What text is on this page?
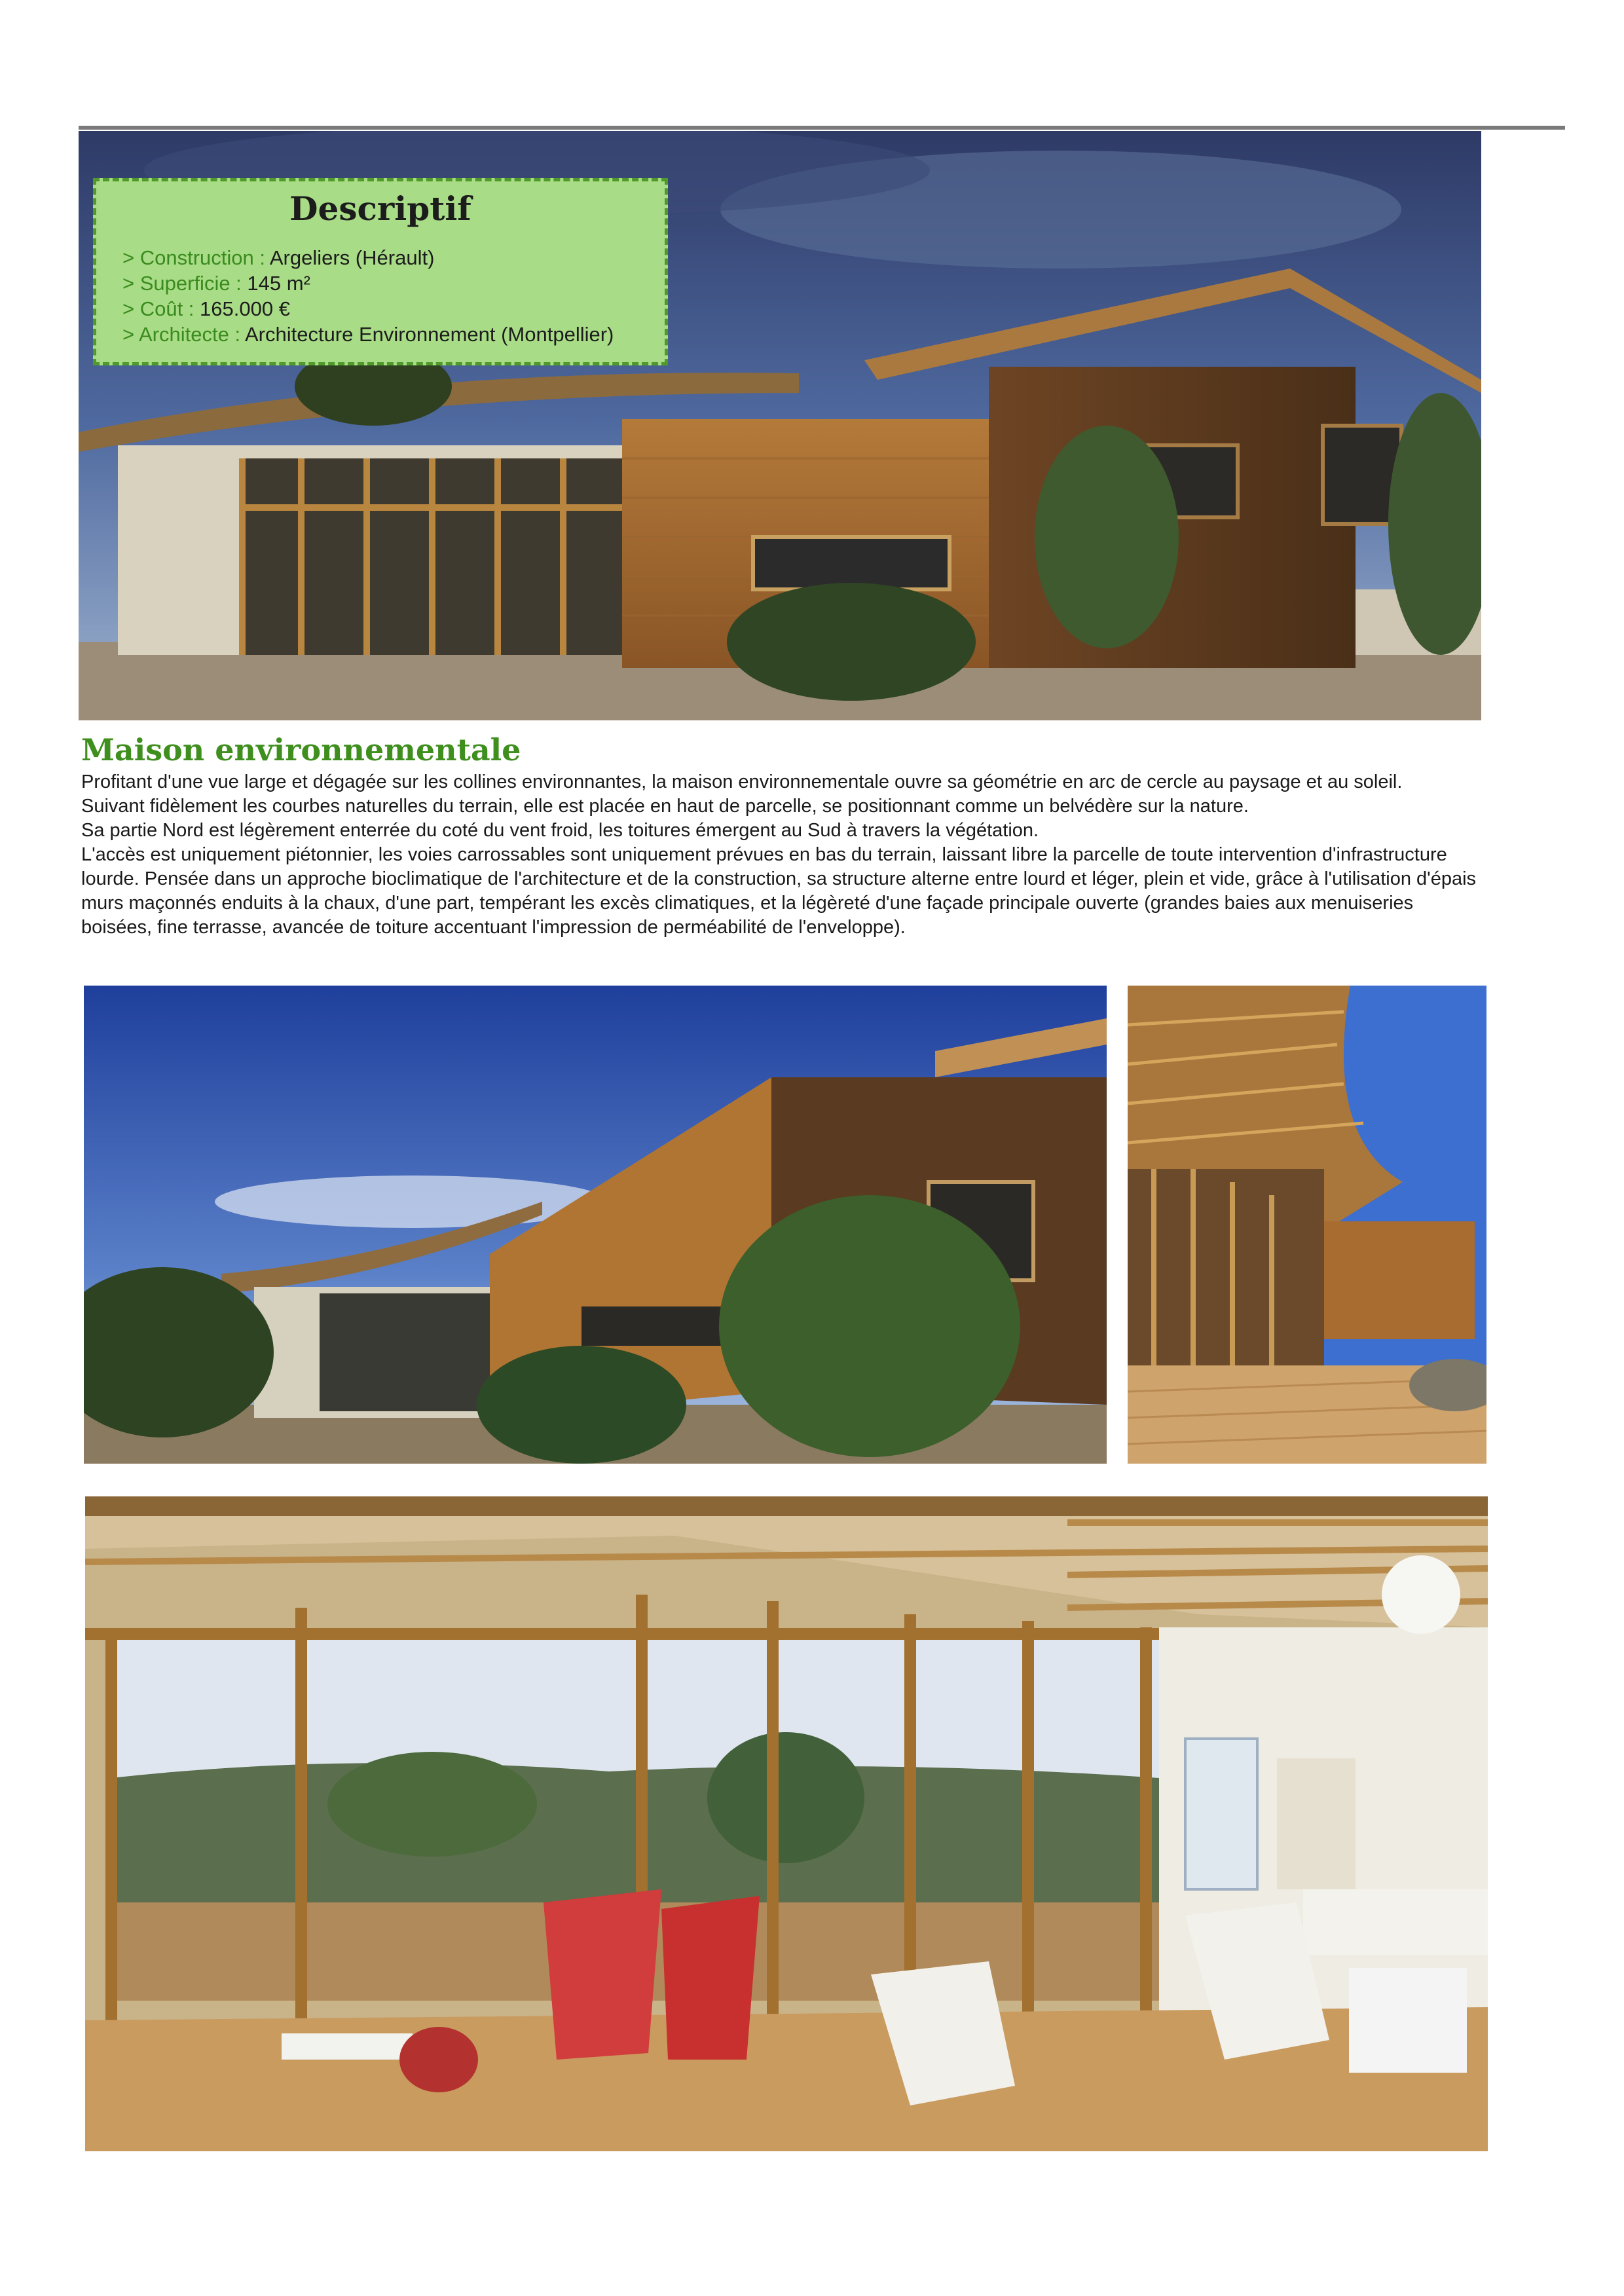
Descriptif
> Construction : Argeliers (Hérault)
> Superficie : 145 m²
> Coût : 165.000 €
> Architecte : Architecture Environnement (Montpellier)
Maison environnementale

Profitant d'une vue large et dégagée sur les collines environnantes, la maison environnementale ouvre sa géométrie en arc de cercle au paysage et au soleil.

Suivant fidèlement les courbes naturelles du terrain, elle est placée en haut de parcelle, se positionnant comme un belvédère sur la nature.

Sa partie Nord est légèrement enterrée du coté du vent froid, les toitures émergent au Sud à travers la végétation.

L'accès est uniquement piétonnier, les voies carrossables sont uniquement prévues en bas du terrain, laissant libre la parcelle de toute intervention d'infrastructure lourde. Pensée dans un approche bioclimatique de l'architecture et de la construction, sa structure alterne entre lourd et léger, plein et vide, grâce à l'utilisation d'épais murs maçonnés enduits à la chaux, d'une part, tempérant les excès climatiques, et la légèreté d'une façade principale ouverte (grandes baies aux menuiseries boisées, fine terrasse, avancée de toiture accentuant l'impression de perméabilité de l'enveloppe).
